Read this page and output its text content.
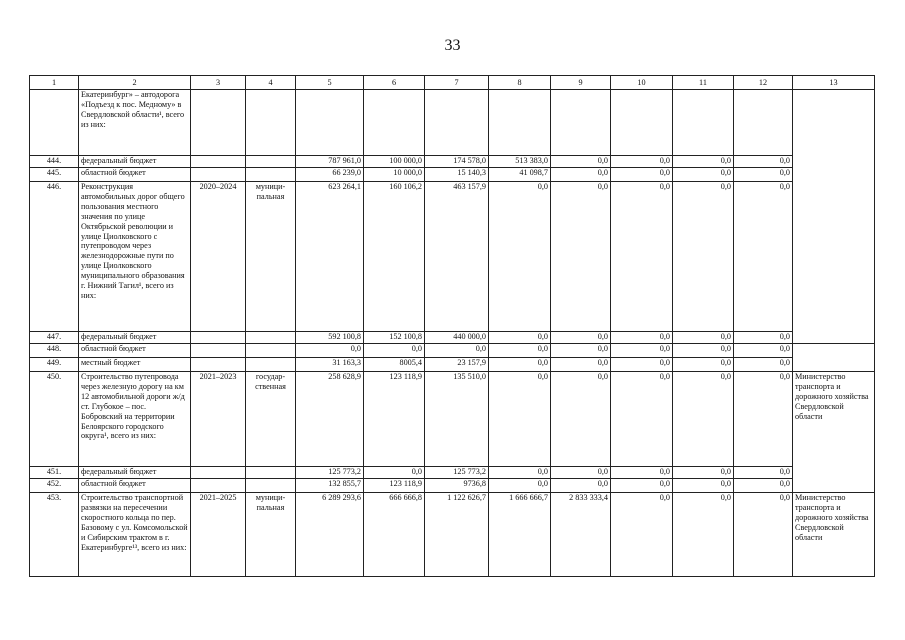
33
1	2	3	4	5	6	7	8	9	10	11	12	13	
	Екатеринбург» – автодорога «Подъезд к пос. Медному» в Свердловской области¹, всего из них:												
444.	федеральный бюджет			787 961,0	100 000,0	174 578,0	513 383,0	0,0	0,0	0,0	0,0		
445.	областной бюджет			66 239,0	10 000,0	15 140,3	41 098,7	0,0	0,0	0,0	0,0		
446.	Реконструкция автомобильных дорог общего пользования местного значения по улице Октябрьской революции и улице Циолковского с путепроводом через железнодорожные пути по улице Циолковского муниципального образования г. Нижний Тагил¹, всего из них:	2020–2024	муници-пальная	623 264,1	160 106,2	463 157,9	0,0	0,0	0,0	0,0	0,0	
447.	федеральный бюджет			592 100,8	152 100,8	440 000,0	0,0	0,0	0,0	0,0	0,0		
448.	областной бюджет			0,0	0,0	0,0	0,0	0,0	0,0	0,0	0,0		
449.	местный бюджет			31 163,3	8005,4	23 157,9	0,0	0,0	0,0	0,0	0,0		
450.	Строительство путепровода через железную дорогу на км 12 автомобильной дороги ж/д ст. Глубокое – пос. Бобровский на территории Белоярского городского округа¹, всего из них:	2021–2023	государ-ственная	258 628,9	123 118,9	135 510,0	0,0	0,0	0,0	0,0	0,0	Министерство транспорта и дорожного хозяйства Свердловской области	
451.	федеральный бюджет			125 773,2	0,0	125 773,2	0,0	0,0	0,0	0,0	0,0		
452.	областной бюджет			132 855,7	123 118,9	9736,8	0,0	0,0	0,0	0,0	0,0		
453.	Строительство транспортной развязки на пересечении скоростного кольца по пер. Базовому с ул. Комсомольской и Сибирским трактом в г. Екатеринбурге¹³, всего из них:	2021–2025	муници-пальная	6 289 293,6	666 666,8	1 122 626,7	1 666 666,7	2 833 333,4	0,0	0,0	0,0	Министерство транспорта и дорожного хозяйства Свердловской области	
